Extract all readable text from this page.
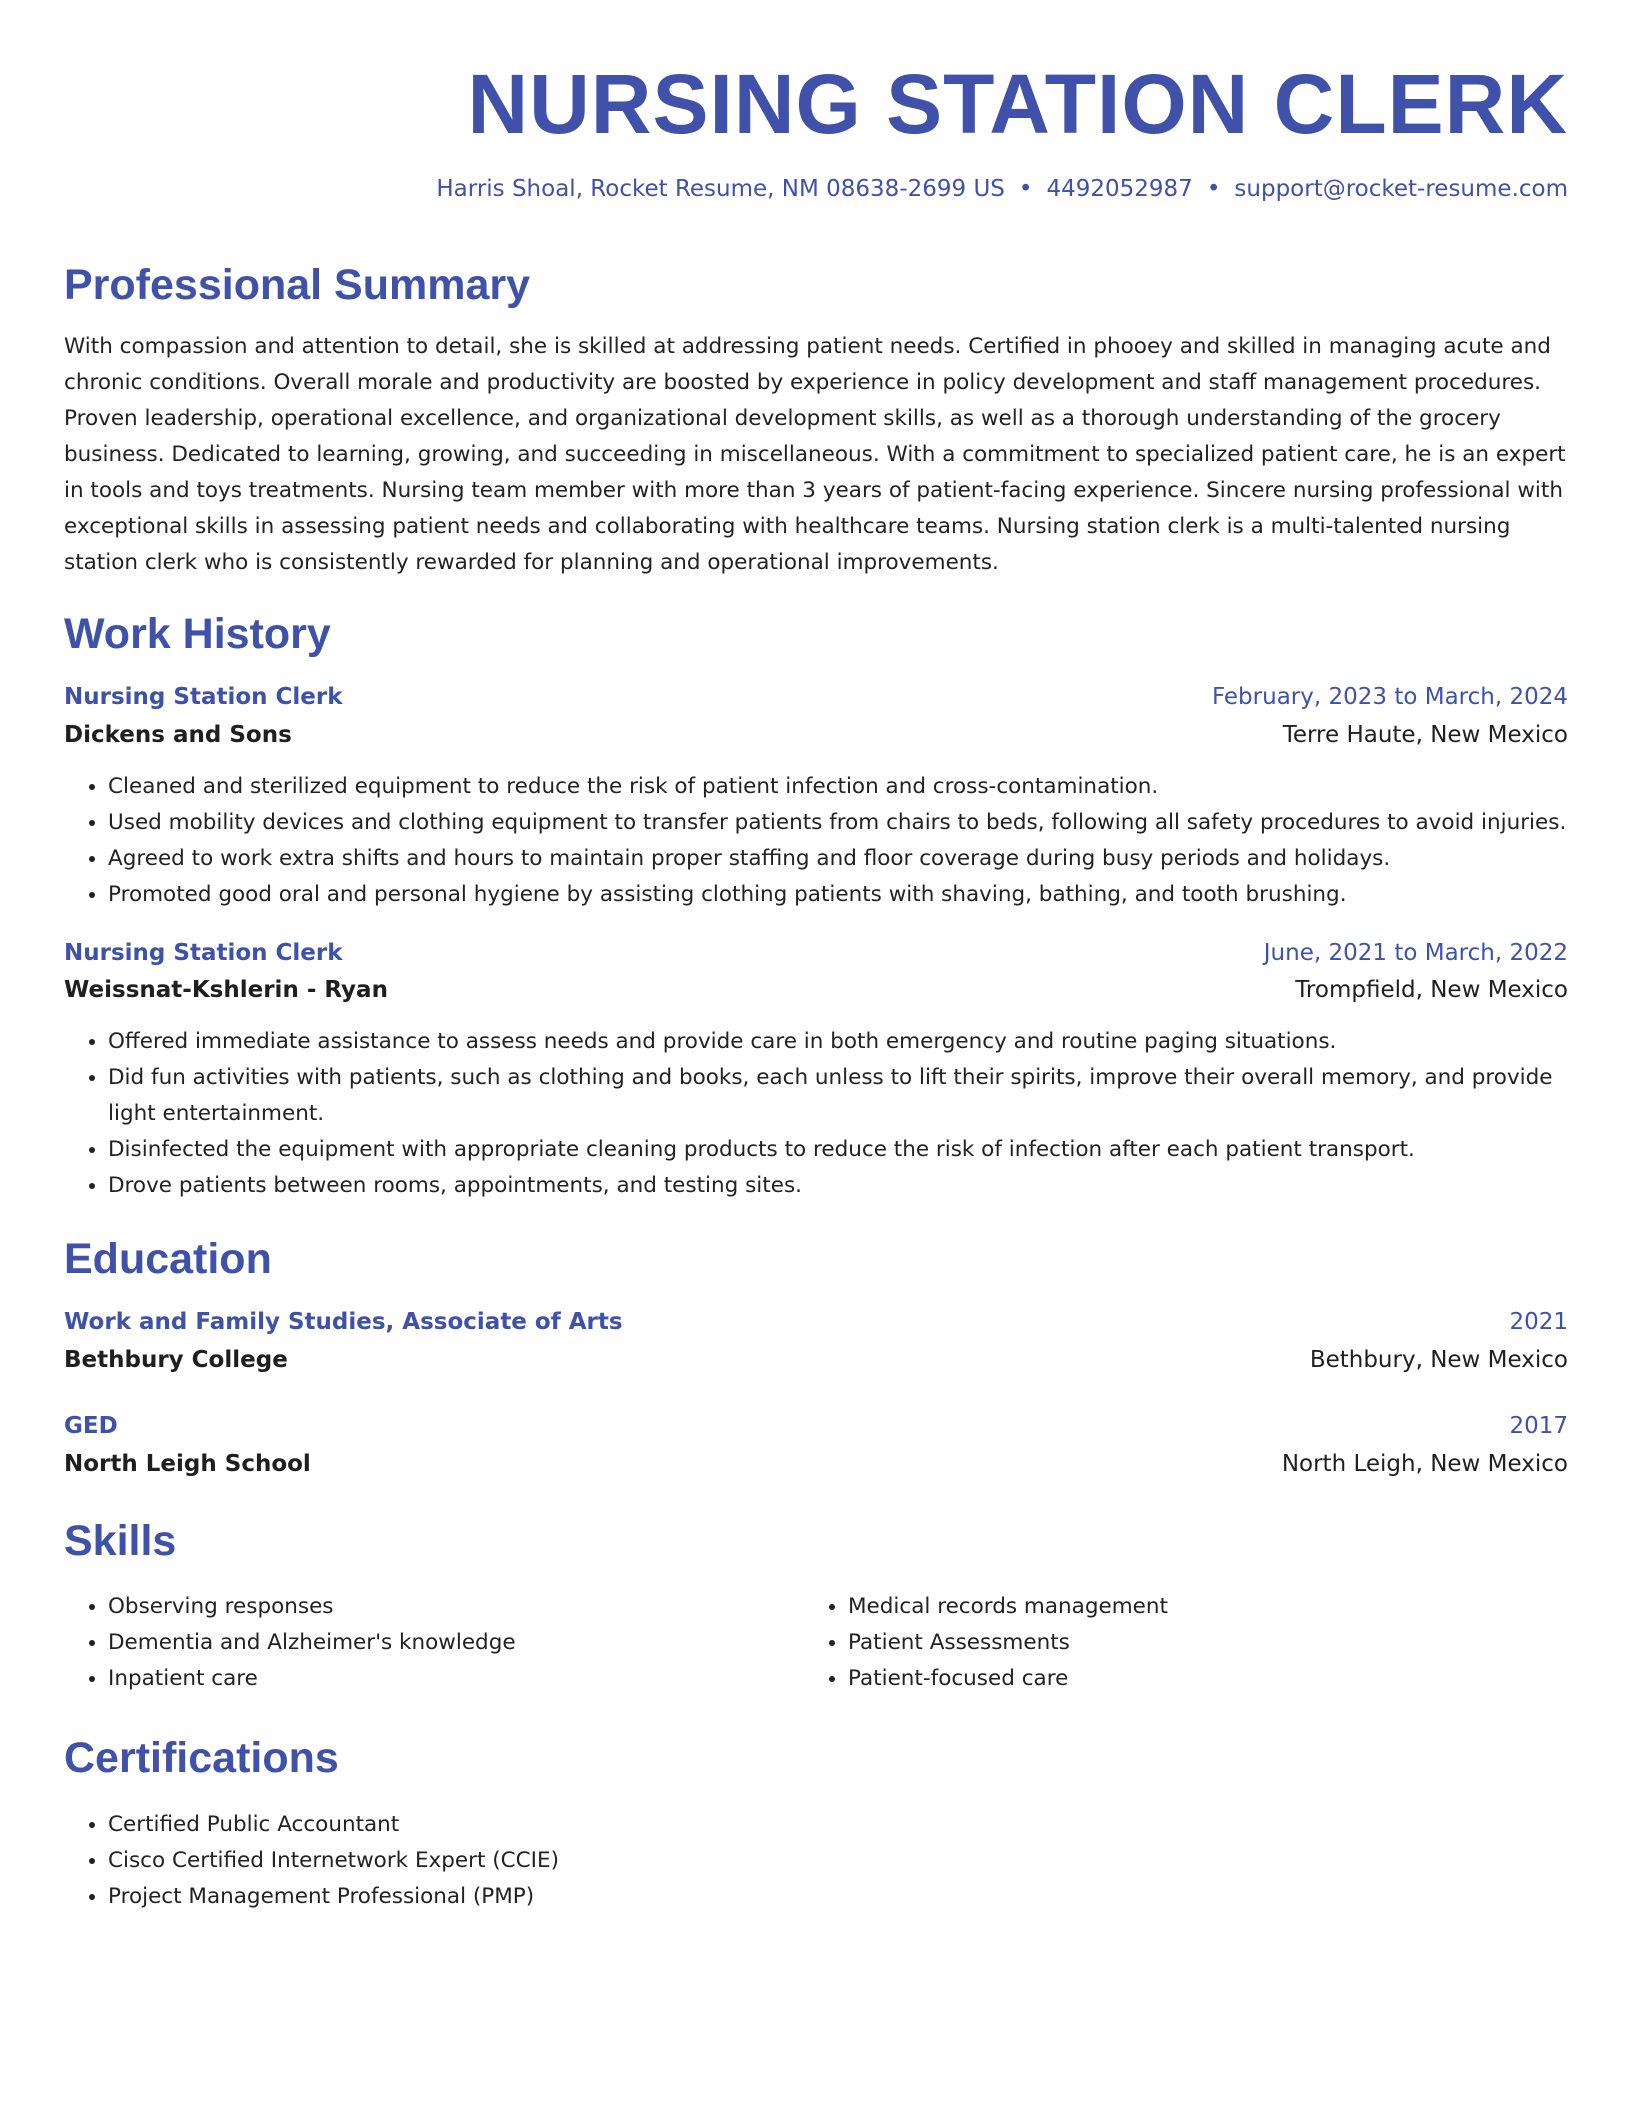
NURSING STATION CLERK
Harris Shoal, Rocket Resume, NM 08638-2699 US • 4492052987 • support@rocket-resume.com
Professional Summary

With compassion and attention to detail, she is skilled at addressing patient needs. Certified in phooey and skilled in managing acute and chronic conditions. Overall morale and productivity are boosted by experience in policy development and staff management procedures. Proven leadership, operational excellence, and organizational development skills, as well as a thorough understanding of the grocery business. Dedicated to learning, growing, and succeeding in miscellaneous. With a commitment to specialized patient care, he is an expert in tools and toys treatments. Nursing team member with more than 3 years of patient-facing experience. Sincere nursing professional with exceptional skills in assessing patient needs and collaborating with healthcare teams. Nursing station clerk is a multi-talented nursing station clerk who is consistently rewarded for planning and operational improvements.

Work History
Nursing Station Clerk	February, 2023 to March, 2024
Dickens and Sons	Terre Haute, New Mexico
• Cleaned and sterilized equipment to reduce the risk of patient infection and cross-contamination.
• Used mobility devices and clothing equipment to transfer patients from chairs to beds, following all safety procedures to avoid injuries.
• Agreed to work extra shifts and hours to maintain proper staffing and floor coverage during busy periods and holidays.
• Promoted good oral and personal hygiene by assisting clothing patients with shaving, bathing, and tooth brushing.
Nursing Station Clerk	June, 2021 to March, 2022
Weissnat-Kshlerin - Ryan	Trompfield, New Mexico
• Offered immediate assistance to assess needs and provide care in both emergency and routine paging situations.
• Did fun activities with patients, such as clothing and books, each unless to lift their spirits, improve their overall memory, and provide light entertainment.
• Disinfected the equipment with appropriate cleaning products to reduce the risk of infection after each patient transport.
• Drove patients between rooms, appointments, and testing sites.
Education
Work and Family Studies, Associate of Arts	2021
Bethbury College	Bethbury, New Mexico
GED	2017
North Leigh School	North Leigh, New Mexico
Skills
• Observing responses
• Dementia and Alzheimer's knowledge
• Inpatient care
• Medical records management
• Patient Assessments
• Patient-focused care
Certifications
• Certified Public Accountant
• Cisco Certified Internetwork Expert (CCIE)
• Project Management Professional (PMP)
